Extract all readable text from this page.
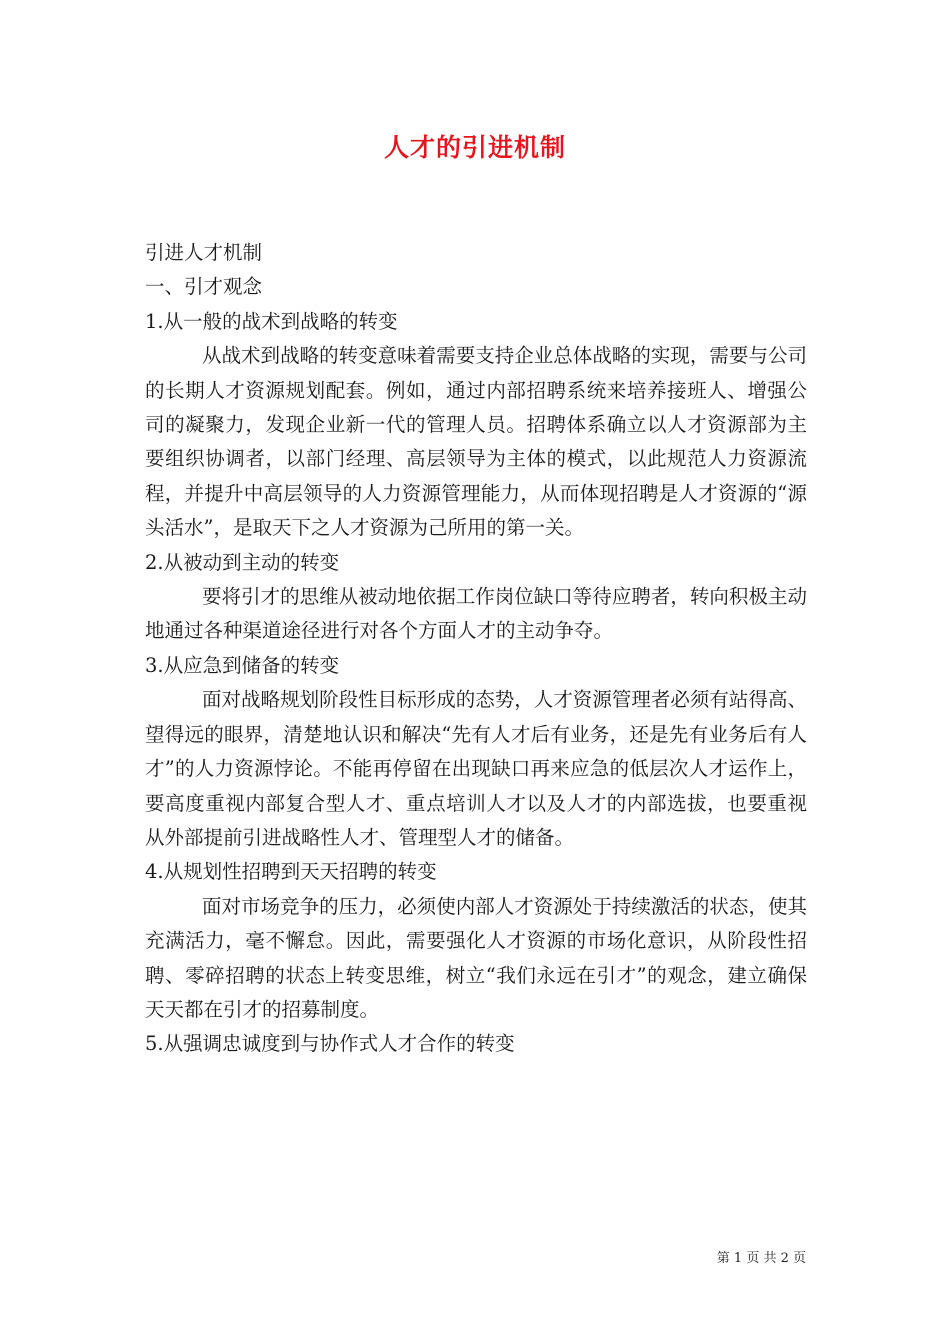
人才的引进机制

引进人才机制

一、引才观念

1.从一般的战术到战略的转变

从战术到战略的转变意味着需要支持企业总体战略的实现，需要与公司的长期人才资源规划配套。例如，通过内部招聘系统来培养接班人、增强公司的凝聚力，发现企业新一代的管理人员。招聘体系确立以人才资源部为主要组织协调者，以部门经理、高层领导为主体的模式，以此规范人力资源流程，并提升中高层领导的人力资源管理能力，从而体现招聘是人才资源的“源头活水”，是取天下之人才资源为己所用的第一关。

2.从被动到主动的转变

要将引才的思维从被动地依据工作岗位缺口等待应聘者，转向积极主动地通过各种渠道途径进行对各个方面人才的主动争夺。

3.从应急到储备的转变

面对战略规划阶段性目标形成的态势，人才资源管理者必须有站得高、望得远的眼界，清楚地认识和解决“先有人才后有业务，还是先有业务后有人才”的人力资源悖论。不能再停留在出现缺口再来应急的低层次人才运作上，要高度重视内部复合型人才、重点培训人才以及人才的内部选拔，也要重视从外部提前引进战略性人才、管理型人才的储备。

4.从规划性招聘到天天招聘的转变

面对市场竞争的压力，必须使内部人才资源处于持续激活的状态，使其充满活力，毫不懈怠。因此，需要强化人才资源的市场化意识，从阶段性招聘、零碎招聘的状态上转变思维，树立“我们永远在引才”的观念，建立确保天天都在引才的招募制度。

5.从强调忠诚度到与协作式人才合作的转变

第 1 页 共 2 页
